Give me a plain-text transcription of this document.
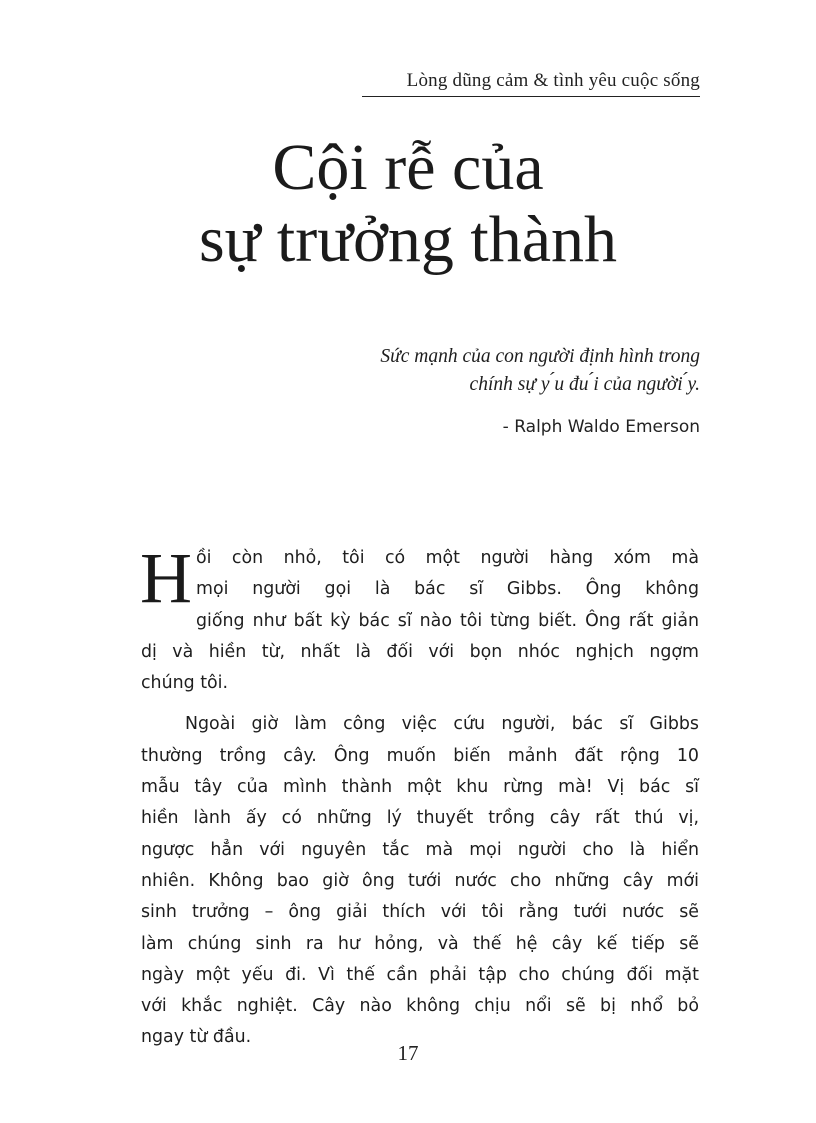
Lòng dũng cảm & tình yêu cuộc sống
Cội rễ của
sự trưởng thành
Sức mạnh của con người định hình trong
chính sự y ́u đu ́i của người ́y.
- Ralph Waldo Emerson
H ồi còn nhỏ, tôi có một người hàng xóm mà
mọi người gọi là bác sĩ Gibbs. Ông không
giống như bất kỳ bác sĩ nào tôi từng biết. Ông rất giản
dị và hiền từ, nhất là đối với bọn nhóc nghịch ngợm
chúng tôi.
Ngoài giờ làm công việc cứu người, bác sĩ Gibbs
thường trồng cây. Ông muốn biến mảnh đất rộng 10
mẫu tây của mình thành một khu rừng mà! Vị bác sĩ
hiền lành ấy có những lý thuyết trồng cây rất thú vị,
ngược hẳn với nguyên tắc mà mọi người cho là hiển
nhiên. Không bao giờ ông tưới nước cho những cây mới
sinh trưởng – ông giải thích với tôi rằng tưới nước sẽ
làm chúng sinh ra hư hỏng, và thế hệ cây kế tiếp sẽ
ngày một yếu đi. Vì thế cần phải tập cho chúng đối mặt
với khắc nghiệt. Cây nào không chịu nổi sẽ bị nhổ bỏ
ngay từ đầu.
17
